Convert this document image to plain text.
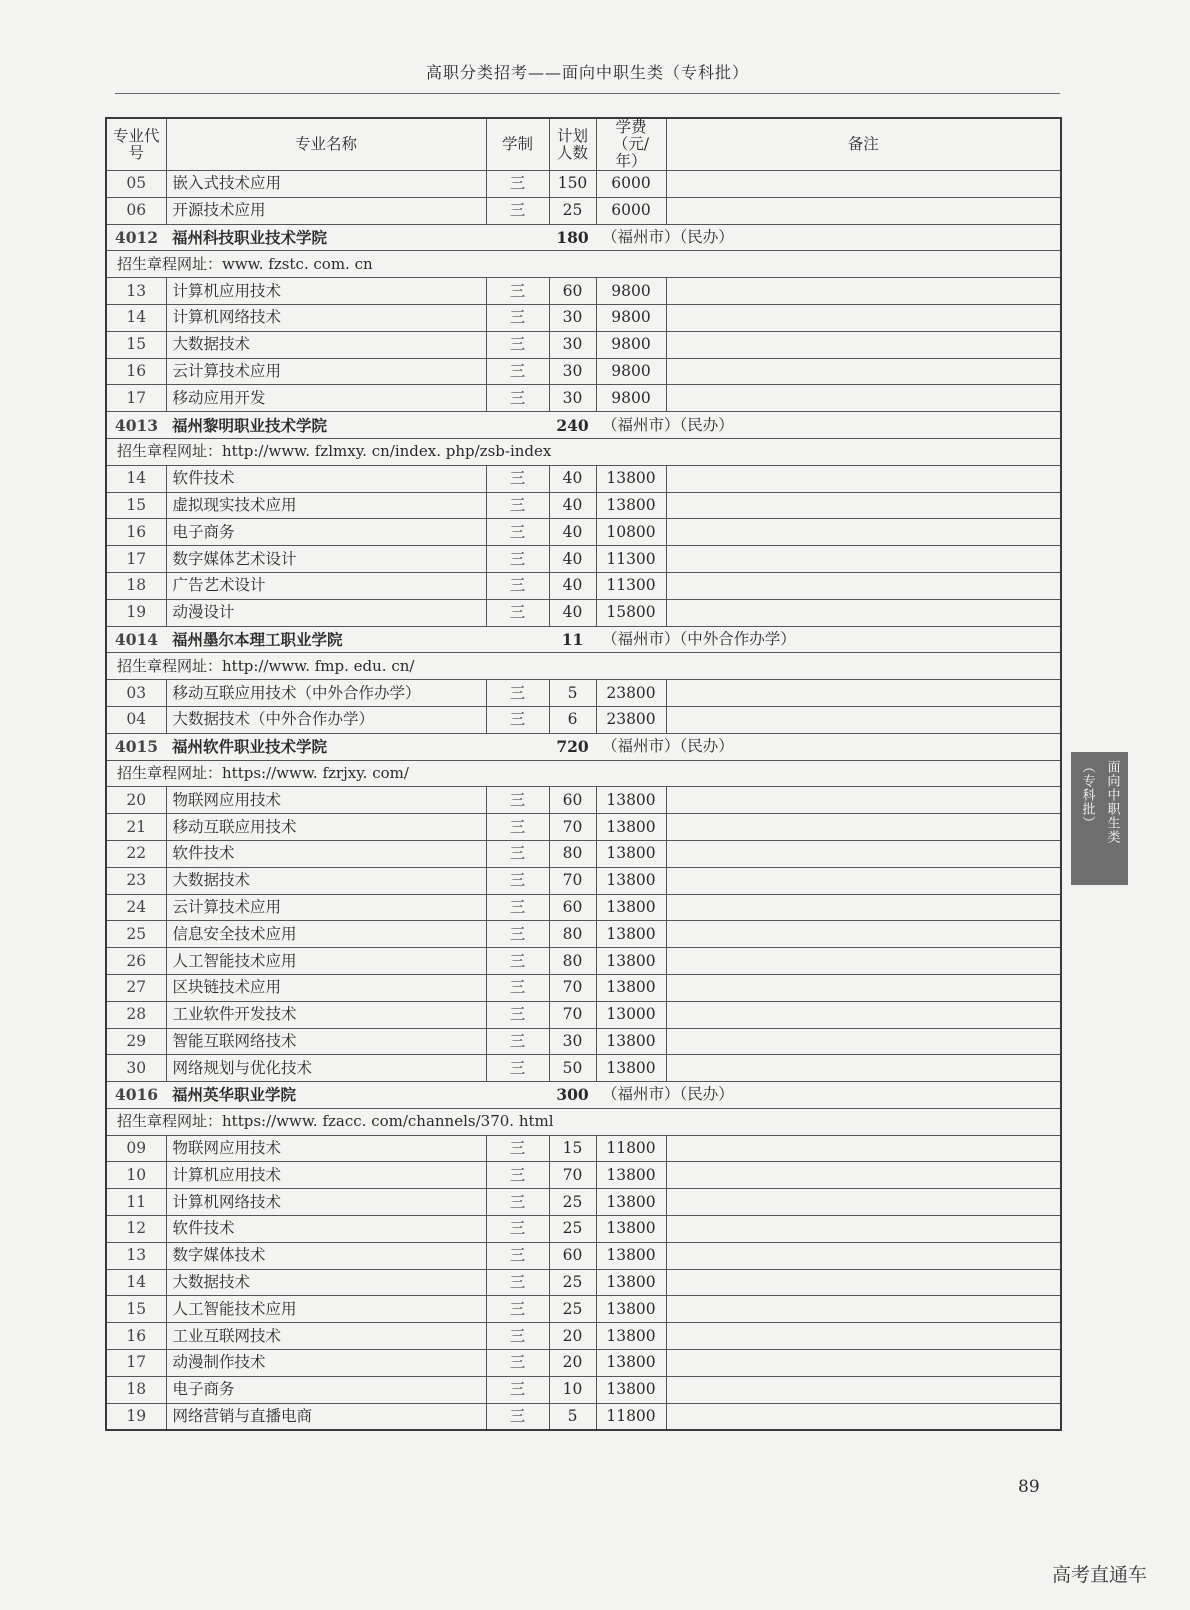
高职分类招考——面向中职生类（专科批）
专业代号	专业名称	学制	计划人数	学费（元/年）	备注
05	嵌入式技术应用	三	150	6000	
06	开源技术应用	三	25	6000	
4012	福州科技职业技术学院		180	（福州市）（民办）	
招生章程网址：www. fzstc. com. cn					
13	计算机应用技术	三	60	9800	
14	计算机网络技术	三	30	9800	
15	大数据技术	三	30	9800	
16	云计算技术应用	三	30	9800	
17	移动应用开发	三	30	9800	
4013	福州黎明职业技术学院		240	（福州市）（民办）	
招生章程网址：http://www. fzlmxy. cn/index. php/zsb-index					
14	软件技术	三	40	13800	
15	虚拟现实技术应用	三	40	13800	
16	电子商务	三	40	10800	
17	数字媒体艺术设计	三	40	11300	
18	广告艺术设计	三	40	11300	
19	动漫设计	三	40	15800	
4014	福州墨尔本理工职业学院		11	（福州市）（中外合作办学）	
招生章程网址：http://www. fmp. edu. cn/					
03	移动互联应用技术（中外合作办学）	三	5	23800	
04	大数据技术（中外合作办学）	三	6	23800	
4015	福州软件职业技术学院		720	（福州市）（民办）	
招生章程网址：https://www. fzrjxy. com/					
20	物联网应用技术	三	60	13800	
21	移动互联应用技术	三	70	13800	
22	软件技术	三	80	13800	
23	大数据技术	三	70	13800	
24	云计算技术应用	三	60	13800	
25	信息安全技术应用	三	80	13800	
26	人工智能技术应用	三	80	13800	
27	区块链技术应用	三	70	13800	
28	工业软件开发技术	三	70	13000	
29	智能互联网络技术	三	30	13800	
30	网络规划与优化技术	三	50	13800	
4016	福州英华职业学院		300	（福州市）（民办）	
招生章程网址：https://www. fzacc. com/channels/370. html					
09	物联网应用技术	三	15	11800	
10	计算机应用技术	三	70	13800	
11	计算机网络技术	三	25	13800	
12	软件技术	三	25	13800	
13	数字媒体技术	三	60	13800	
14	大数据技术	三	25	13800	
15	人工智能技术应用	三	25	13800	
16	工业互联网技术	三	20	13800	
17	动漫制作技术	三	20	13800	
18	电子商务	三	10	13800	
19	网络营销与直播电商	三	5	11800	
面向中职生类
（专科批）
89
高考直通车
